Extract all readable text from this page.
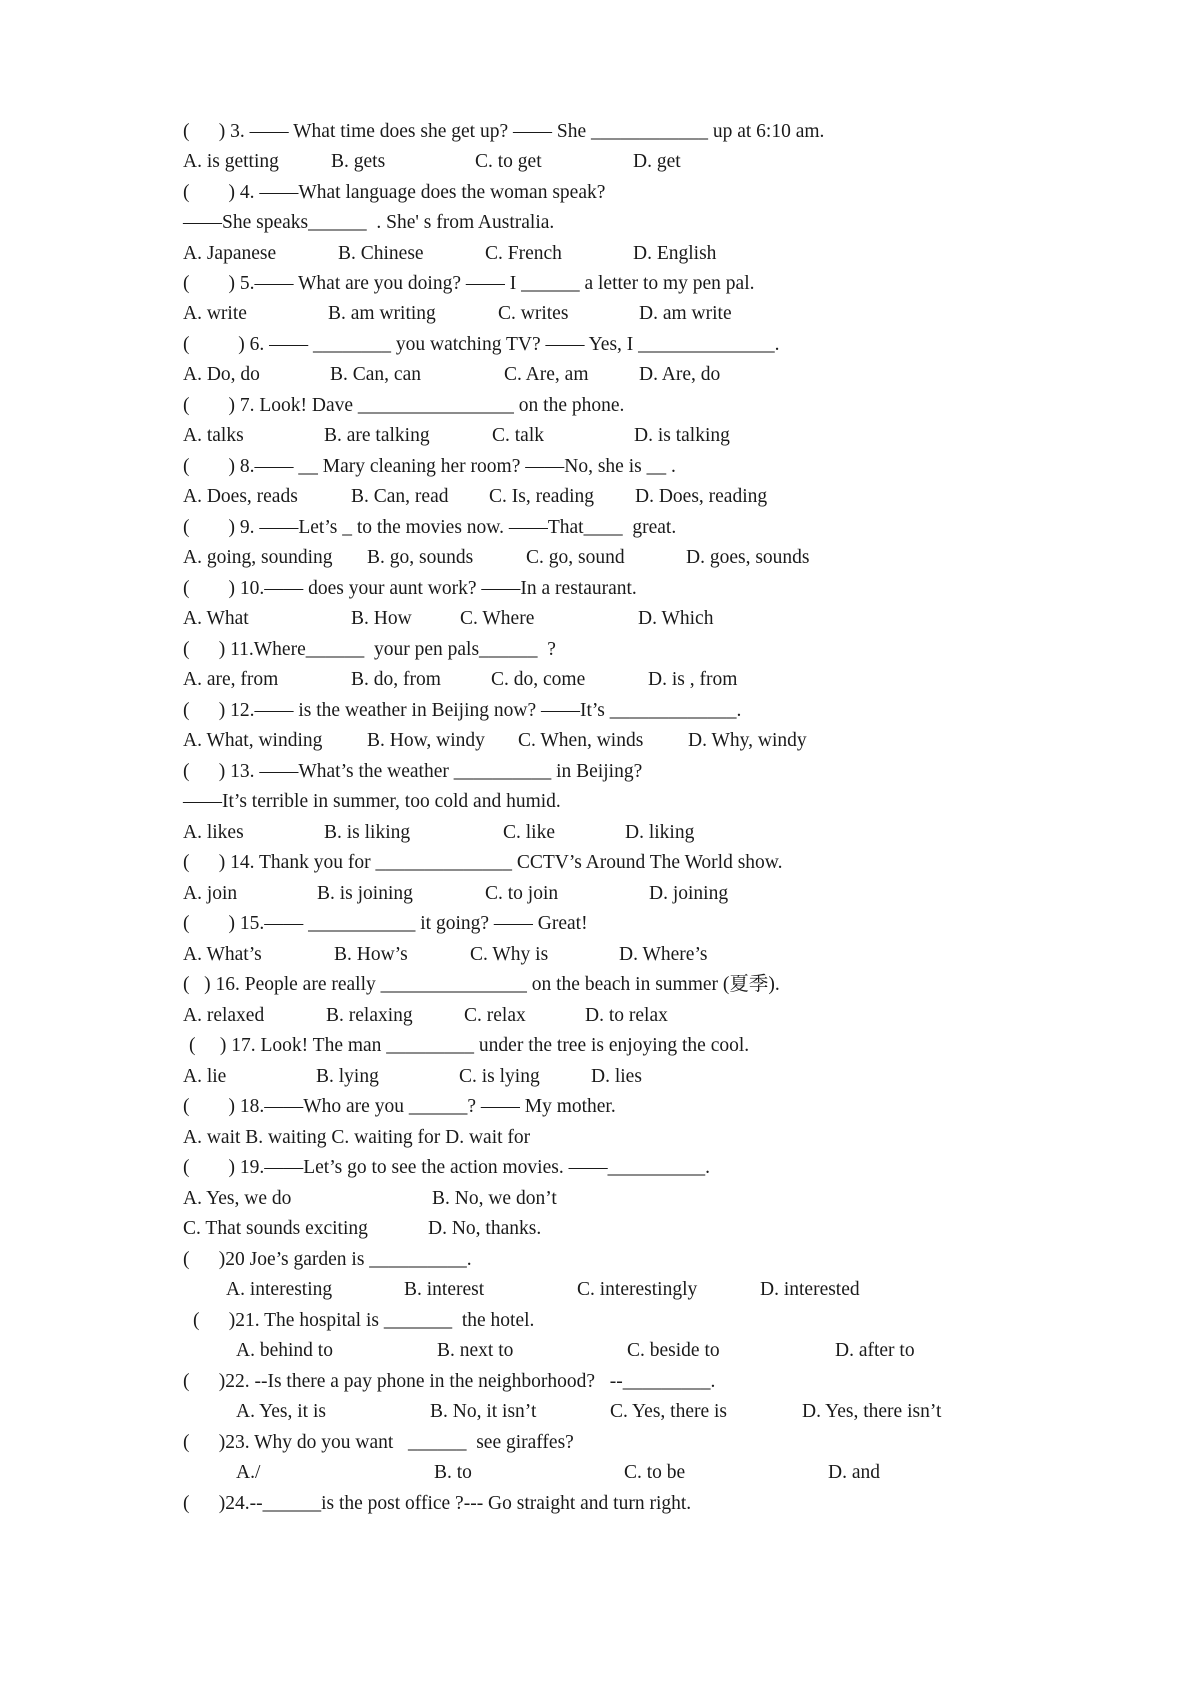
(      ) 3. —— What time does she get up? —— She ____________ up at 6:10 am.
A. is getting	B. gets	C. to get	D. get
(        ) 4. ——What language does the woman speak?
——She speaks______  . She' s from Australia.
A. Japanese	B. Chinese	C. French	D. English
(        ) 5.—— What are you doing? —— I ______ a letter to my pen pal.
A. write	B. am writing	C. writes	D. am write
(          ) 6. —— ________ you watching TV? —— Yes, I ______________.
A. Do, do	B. Can, can	C. Are, am	D. Are, do
(        ) 7. Look! Dave ________________ on the phone.
A. talks	B. are talking	C. talk	D. is talking
(        ) 8.—— __ Mary cleaning her room? ——No, she is __ .
A. Does, reads	B. Can, read C. Is, reading D. Does, reading
(        ) 9. ——Let’s _ to the movies now. ——That____  great.
A. going, sounding B. go, sounds	C. go, sound	D. goes, sounds
(        ) 10.—— does your aunt work? ——In a restaurant.
A. What	B. How C. Where	D. Which
(      ) 11.Where______  your pen pals______  ?
A. are, from	B. do, from	C. do, come	D. is , from
(      ) 12.—— is the weather in Beijing now? ——It’s _____________.
A. What, winding B. How, windy C. When, winds D. Why, windy
(      ) 13. ——What’s the weather __________ in Beijing?
——It’s terrible in summer, too cold and humid.
A. likes	B. is liking	C. like	D. liking
(      ) 14. Thank you for ______________ CCTV’s Around The World show.
A. join	B. is joining	C. to join	D. joining
(        ) 15.—— ___________ it going? —— Great!
A. What’s	B. How’s	C. Why is	D. Where’s
(   ) 16. People are really _______________ on the beach in summer (夏季).
A. relaxed	B. relaxing	C. relax	D. to relax
(     ) 17. Look! The man _________ under the tree is enjoying the cool.
A. lie	B. lying	C. is lying	D. lies
(        ) 18.——Who are you ______? —— My mother.
A. wait B. waiting C. waiting for D. wait for
(        ) 19.——Let’s go to see the action movies. ——__________.
A. Yes, we do	B. No, we don’t
C. That sounds exciting	D. No, thanks.
(      )20 Joe’s garden is __________.
A. interesting	B. interest	C. interestingly	D. interested
(      )21. The hospital is _______  the hotel.
A. behind to	B. next to	C. beside to	D. after to
(      )22. --Is there a pay phone in the neighborhood?   --_________.
A. Yes, it is	B. No, it isn’t	C. Yes, there is	D. Yes, there isn’t
(      )23. Why do you want   ______  see giraffes?
A./	B. to	C. to be	D. and
(      )24.--______is the post office ?--- Go straight and turn right.
